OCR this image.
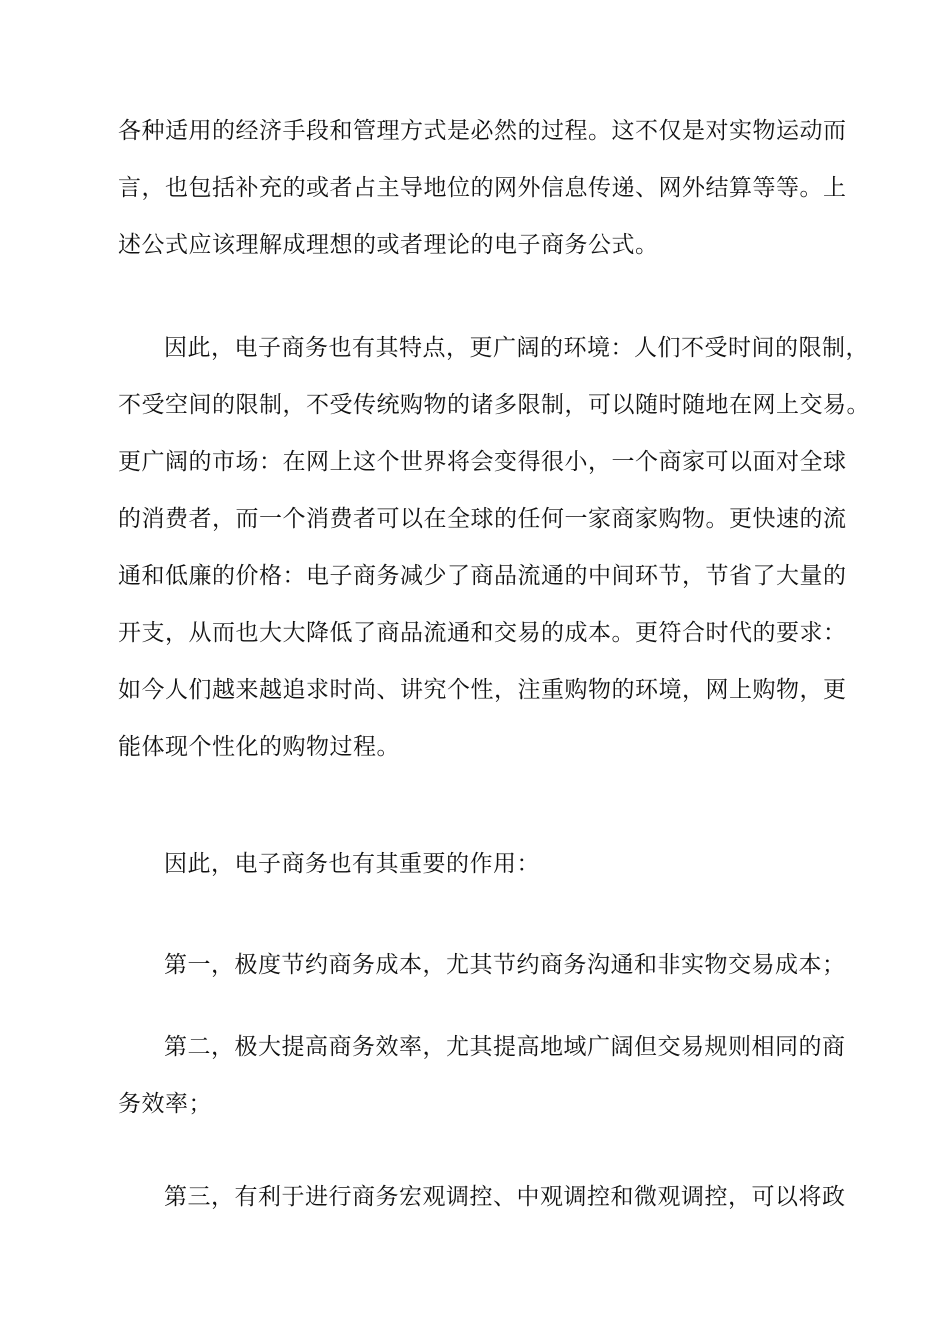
各种适用的经济手段和管理方式是必然的过程。这不仅是对实物运动而
言，也包括补充的或者占主导地位的网外信息传递、网外结算等等。上
述公式应该理解成理想的或者理论的电子商务公式。
因此，电子商务也有其特点，更广阔的环境：人们不受时间的限制，
不受空间的限制，不受传统购物的诸多限制，可以随时随地在网上交易。
更广阔的市场：在网上这个世界将会变得很小，一个商家可以面对全球
的消费者，而一个消费者可以在全球的任何一家商家购物。更快速的流
通和低廉的价格：电子商务减少了商品流通的中间环节，节省了大量的
开支，从而也大大降低了商品流通和交易的成本。更符合时代的要求：
如今人们越来越追求时尚、讲究个性，注重购物的环境，网上购物，更
能体现个性化的购物过程。
因此，电子商务也有其重要的作用：
第一，极度节约商务成本，尤其节约商务沟通和非实物交易成本；
第二，极大提高商务效率，尤其提高地域广阔但交易规则相同的商
务效率；
第三，有利于进行商务宏观调控、中观调控和微观调控，可以将政
